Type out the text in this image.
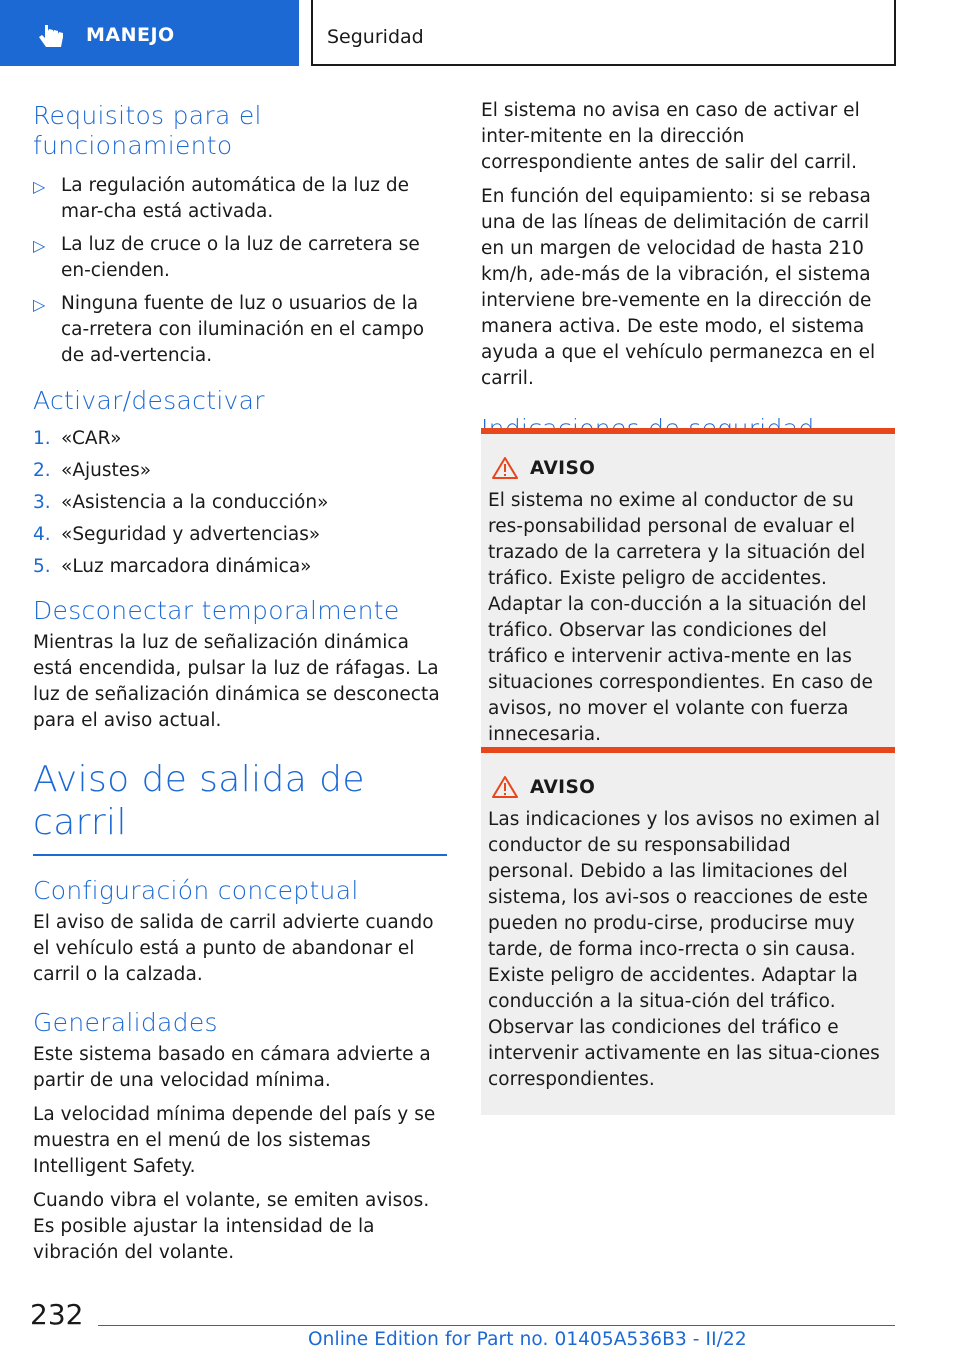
MANEJO	Seguridad
Requisitos para el funcionamiento
▷ La regulación automática de la luz de mar-cha está activada.
▷ La luz de cruce o la luz de carretera se en-cienden.
▷ Ninguna fuente de luz o usuarios de la ca-rretera con iluminación en el campo de ad-vertencia.
Activar/desactivar
1. «CAR»
2. «Ajustes»
3. «Asistencia a la conducción»
4. «Seguridad y advertencias»
5. «Luz marcadora dinámica»
Desconectar temporalmente

Mientras la luz de señalización dinámica está encendida, pulsar la luz de ráfagas. La luz de señalización dinámica se desconecta para el aviso actual.

Aviso de salida de carril
Configuración conceptual

El aviso de salida de carril advierte cuando el vehículo está a punto de abandonar el carril o la calzada.

Generalidades

Este sistema basado en cámara advierte a partir de una velocidad mínima.

La velocidad mínima depende del país y se muestra en el menú de los sistemas Intelligent Safety.

Cuando vibra el volante, se emiten avisos. Es posible ajustar la intensidad de la vibración del volante.

El sistema no avisa en caso de activar el inter-mitente en la dirección correspondiente antes de salir del carril.

En función del equipamiento: si se rebasa una de las líneas de delimitación de carril en un margen de velocidad de hasta 210 km/h, ade-más de la vibración, el sistema interviene bre-vemente en la dirección de manera activa. De este modo, el sistema ayuda a que el vehículo permanezca en el carril.

AVISO

El sistema no exime al conductor de su res-ponsabilidad personal de evaluar el trazado de la carretera y la situación del tráfico. Existe peligro de accidentes. Adaptar la con-ducción a la situación del tráfico. Observar las condiciones del tráfico e intervenir activa-mente en las situaciones correspondientes. En caso de avisos, no mover el volante con fuerza innecesaria.

AVISO

Las indicaciones y los avisos no eximen al conductor de su responsabilidad personal. Debido a las limitaciones del sistema, los avi-sos o reacciones de este pueden no produ-cirse, producirse muy tarde, de forma inco-rrecta o sin causa. Existe peligro de accidentes. Adaptar la conducción a la situa-ción del tráfico. Observar las condiciones del tráfico e intervenir activamente en las situa-ciones correspondientes.

232
Online Edition for Part no. 01405A536B3 - II/22
